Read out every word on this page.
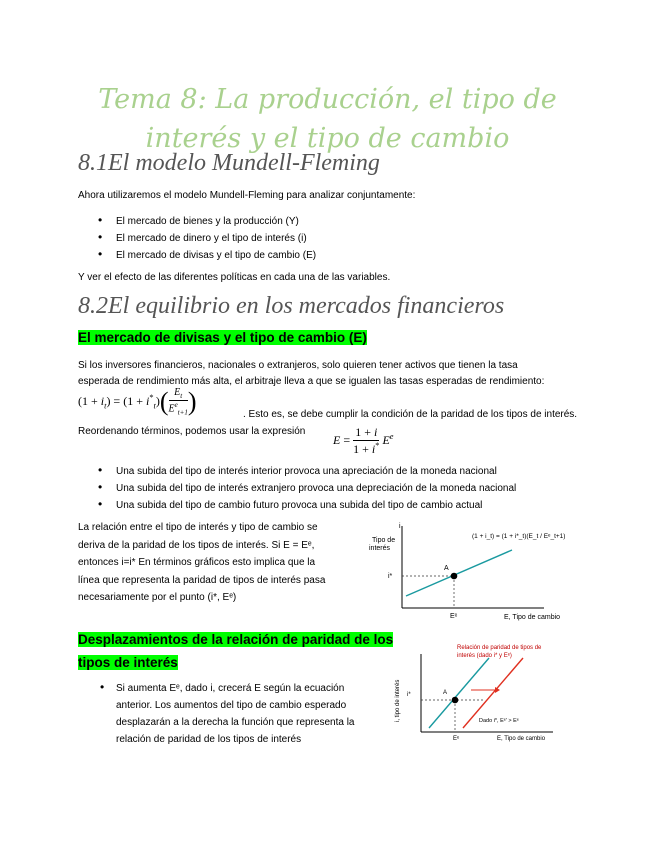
Tema 8: La producción, el tipo de interés y el tipo de cambio
8.1El modelo Mundell-Fleming

Ahora utilizaremos el modelo Mundell-Fleming para analizar conjuntamente:

• El mercado de bienes y la producción (Y)
• El mercado de dinero y el tipo de interés (i)
• El mercado de divisas y el tipo de cambio (E)

Y ver el efecto de las diferentes políticas en cada una de las variables.

8.2El equilibrio en los mercados financieros
El mercado de divisas y el tipo de cambio (E)

Si los inversores financieros, nacionales o extranjeros, solo quieren tener activos que tienen la tasa

esperada de rendimiento más alta, el arbitraje lleva a que se igualen las tasas esperadas de rendimiento:

$(1 + i_t) = (1 + i^*_t)( \frac{E_t}{E^e_{t+1}}$ )	. Esto es, se debe cumplir la condición de la paridad de los tipos de interés.

Reordenando términos, podemos usar la expresión

$E = \frac{1 + i}{1 + i^*} E^e$
• Una subida del tipo de interés interior provoca una apreciación de la moneda nacional
• Una subida del tipo de interés extranjero provoca una depreciación de la moneda nacional
• Una subida del tipo de cambio futuro provoca una subida del tipo de cambio actual
La relación entre el tipo de interés y tipo de cambio se
deriva de la paridad de los tipos de interés. Si E = Eᵉ,
entonces i=i* En términos gráficos esto implica que la
línea que representa la paridad de tipos de interés pasa
necesariamente por el punto (i*, Eᵉ)
i
Tipo de
interés
i*
A
Eᵉ	E, Tipo de cambio
(1 + i_t) = (1 + i*_t)(E_t / Eᵉ_t+1)
Desplazamientos de la relación de paridad de los
tipos de interés
• Si aumenta Eᵉ, dado i, crecerá E según la ecuación
anterior. Los aumentos del tipo de cambio esperado
desplazarán a la derecha la función que representa la
relación de paridad de los tipos de interés
Relación de paridad de tipos de
interés (dado i* y Eᵉ)
i, tipo de interés i*	A
Dado i*, Eᵉ' > Eᵉ
Eᵉ	E, Tipo de cambio
